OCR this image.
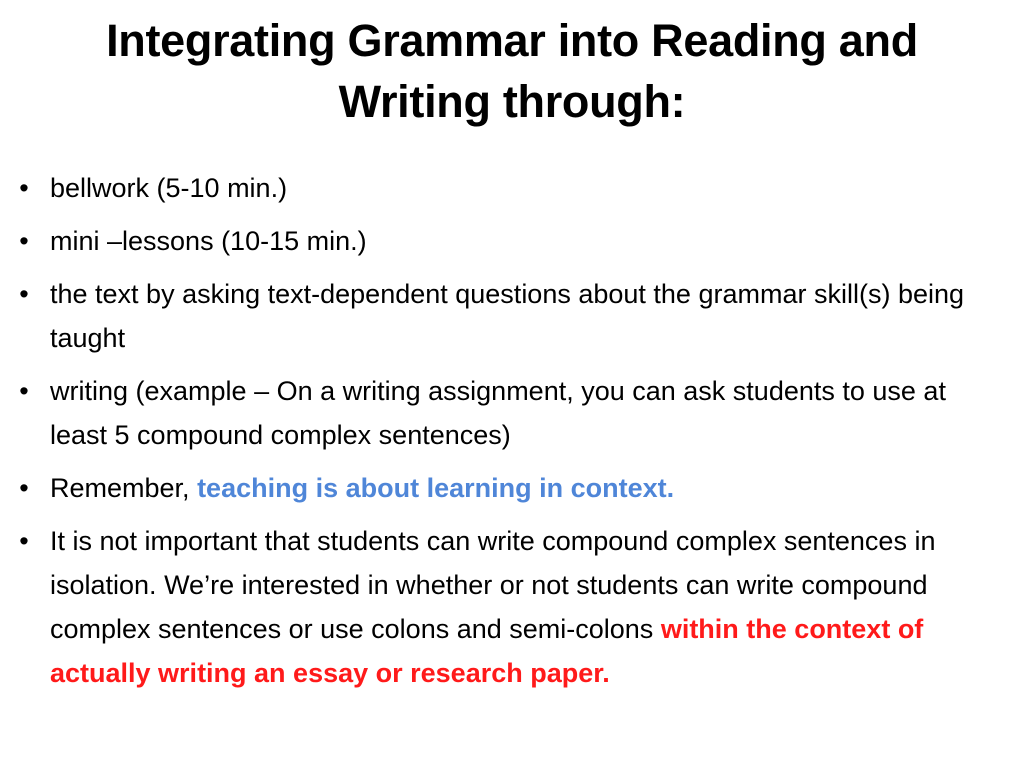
Integrating Grammar into Reading and
Writing through:
• bellwork (5-10 min.)
• mini –lessons (10-15 min.)
• the text by asking text-dependent questions about the grammar skill(s) being taught
• writing (example – On a writing assignment, you can ask students to use at least 5 compound complex sentences)
• Remember, teaching is about learning in context.
• It is not important that students can write compound complex sentences in isolation. We’re interested in whether or not students can write compound complex sentences or use colons and semi-colons within the context of actually writing an essay or research paper.
